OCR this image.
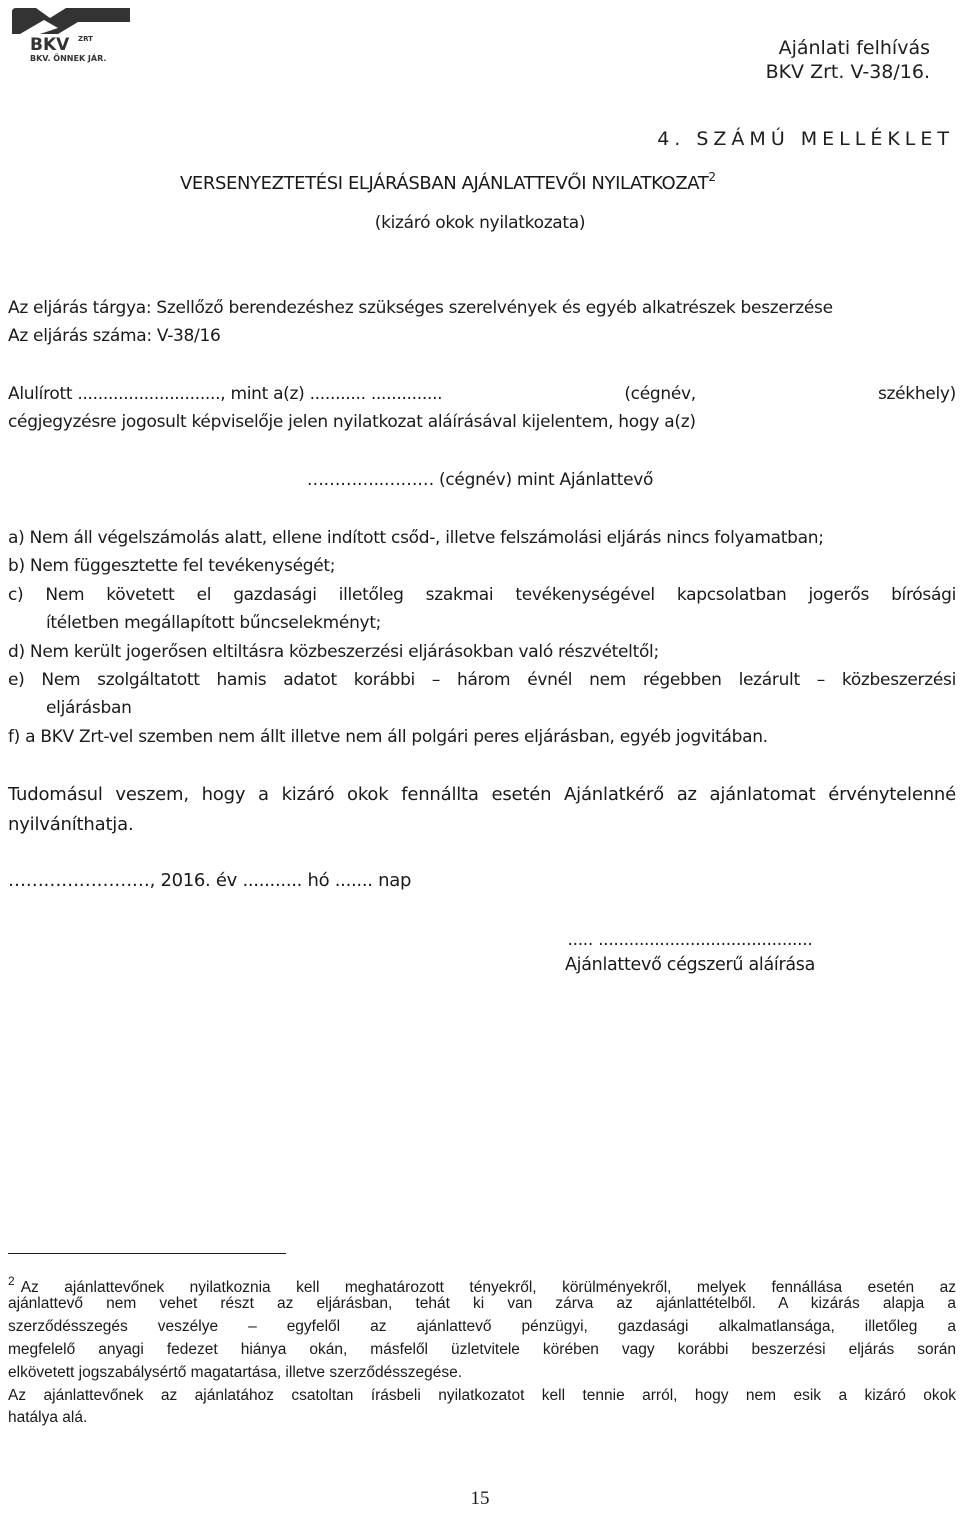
BKV ZRT
BKV. ÖNNEK JÁR.	Ajánlati felhívás
BKV Zrt. V-38/16.
4. SZÁMÚ MELLÉKLET
VERSENYEZTETÉSI ELJÁRÁSBAN AJÁNLATTEVŐI NYILATKOZAT$^2$
(kizáró okok nyilatkozata)
Az eljárás tárgya: Szellőző berendezéshez szükséges szerelvények és egyéb alkatrészek beszerzése
Az eljárás száma: V-38/16
Alulírott ............................, mint a(z) ........... ..............	(cégnév,	székhely)
cégjegyzésre jogosult képviselője jelen nyilatkozat aláírásával kijelentem, hogy a(z)
…………..……… (cégnév) mint Ajánlattevő
a) Nem áll végelszámolás alatt, ellene indított csőd-, illetve felszámolási eljárás nincs folyamatban;
b) Nem függesztette fel tevékenységét;
c) Nem követett el gazdasági illetőleg szakmai tevékenységével kapcsolatban jogerős bírósági
ítéletben megállapított bűncselekményt;
d) Nem került jogerősen eltiltásra közbeszerzési eljárásokban való részvételtől;
e) Nem szolgáltatott hamis adatot korábbi – három évnél nem régebben lezárult – közbeszerzési
eljárásban
f) a BKV Zrt-vel szemben nem állt illetve nem áll polgári peres eljárásban, egyéb jogvitában.
Tudomásul veszem, hogy a kizáró okok fennállta esetén Ajánlatkérő az ajánlatomat érvénytelenné
nyilváníthatja.
……………………, 2016. év ........... hó ....... nap
..... ..........................................
Ajánlattevő cégszerű aláírása
$^2$ Az ajánlattevőnek nyilatkoznia kell meghatározott tényekről, körülményekről, melyek fennállása esetén az
ajánlattevő nem vehet részt az eljárásban, tehát ki van zárva az ajánlattételből. A kizárás alapja a
szerződésszegés veszélye – egyfelől az ajánlattevő pénzügyi, gazdasági alkalmatlansága, illetőleg a
megfelelő anyagi fedezet hiánya okán, másfelől üzletvitele körében vagy korábbi beszerzési eljárás során
elkövetett jogszabálysértő magatartása, illetve szerződésszegése.
Az ajánlattevőnek az ajánlatához csatoltan írásbeli nyilatkozatot kell tennie arról, hogy nem esik a kizáró okok
hatálya alá.
15
